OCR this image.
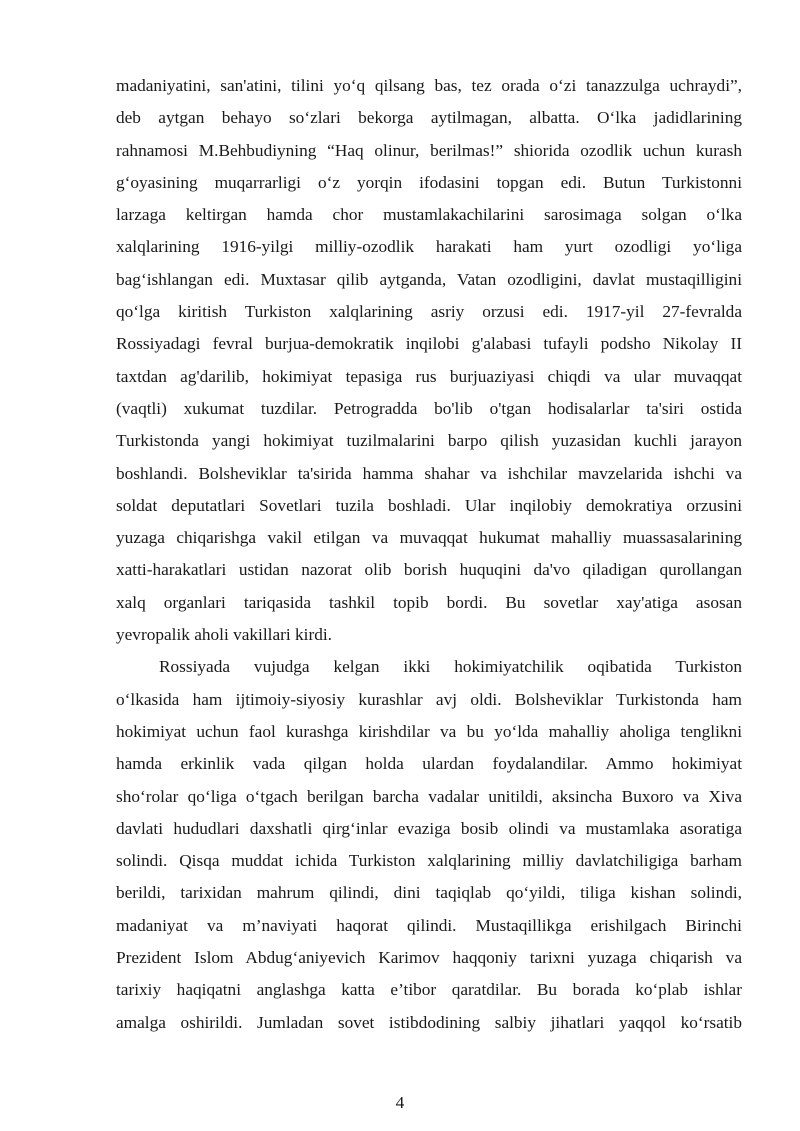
madaniyatini, san'atini, tilini yo‘q qilsang bas, tez orada o‘zi tanazzulga uchraydi”,
deb aytgan behayo so‘zlari bekorga aytilmagan, albatta. O‘lka jadidlarining
rahnamosi M.Behbudiyning “Haq olinur, berilmas!” shiorida ozodlik uchun kurash
g‘oyasining muqarrarligi o‘z yorqin ifodasini topgan edi. Butun Turkistonni
larzaga keltirgan hamda chor mustamlakachilarini sarosimaga solgan o‘lka
xalqlarining 1916-yilgi milliy-ozodlik harakati ham yurt ozodligi yo‘liga
bag‘ishlangan edi. Muxtasar qilib aytganda, Vatan ozodligini, davlat mustaqilligini
qo‘lga kiritish Turkiston xalqlarining asriy orzusi edi. 1917-yil 27-fevralda
Rossiyadagi fevral burjua-demokratik inqilobi g'alabasi tufayli podsho Nikolay II
taxtdan ag'darilib, hokimiyat tepasiga rus burjuaziyasi chiqdi va ular muvaqqat
(vaqtli) xukumat tuzdilar. Petrogradda bo'lib o'tgan hodisalarlar ta'siri ostida
Turkistonda yangi hokimiyat tuzilmalarini barpo qilish yuzasidan kuchli jarayon
boshlandi. Bolsheviklar ta'sirida hamma shahar va ishchilar mavzelarida ishchi va
soldat deputatlari Sovetlari tuzila boshladi. Ular inqilobiy demokratiya orzusini
yuzaga chiqarishga vakil etilgan va muvaqqat hukumat mahalliy muassasalarining
xatti-harakatlari ustidan nazorat olib borish huquqini da'vo qiladigan qurollangan
xalq organlari tariqasida tashkil topib bordi. Bu sovetlar xay'atiga asosan
yevropalik aholi vakillari kirdi.
Rossiyada vujudga kelgan ikki hokimiyatchilik oqibatida Turkiston
o‘lkasida ham ijtimoiy-siyosiy kurashlar avj oldi. Bolsheviklar Turkistonda ham
hokimiyat uchun faol kurashga kirishdilar va bu yo‘lda mahalliy aholiga tenglikni
hamda erkinlik vada qilgan holda ulardan foydalandilar. Ammo hokimiyat
sho‘rolar qo‘liga o‘tgach berilgan barcha vadalar unitildi, aksincha Buxoro va Xiva
davlati hududlari daxshatli qirg‘inlar evaziga bosib olindi va mustamlaka asoratiga
solindi. Qisqa muddat ichida Turkiston xalqlarining milliy davlatchiligiga barham
berildi, tarixidan mahrum qilindi, dini taqiqlab qo‘yildi, tiliga kishan solindi,
madaniyat va m’naviyati haqorat qilindi. Mustaqillikga erishilgach Birinchi
Prezident Islom Abdug‘aniyevich Karimov haqqoniy tarixni yuzaga chiqarish va
tarixiy haqiqatni anglashga katta e’tibor qaratdilar. Bu borada ko‘plab ishlar
amalga oshirildi. Jumladan sovet istibdodining salbiy jihatlari yaqqol ko‘rsatib
4
